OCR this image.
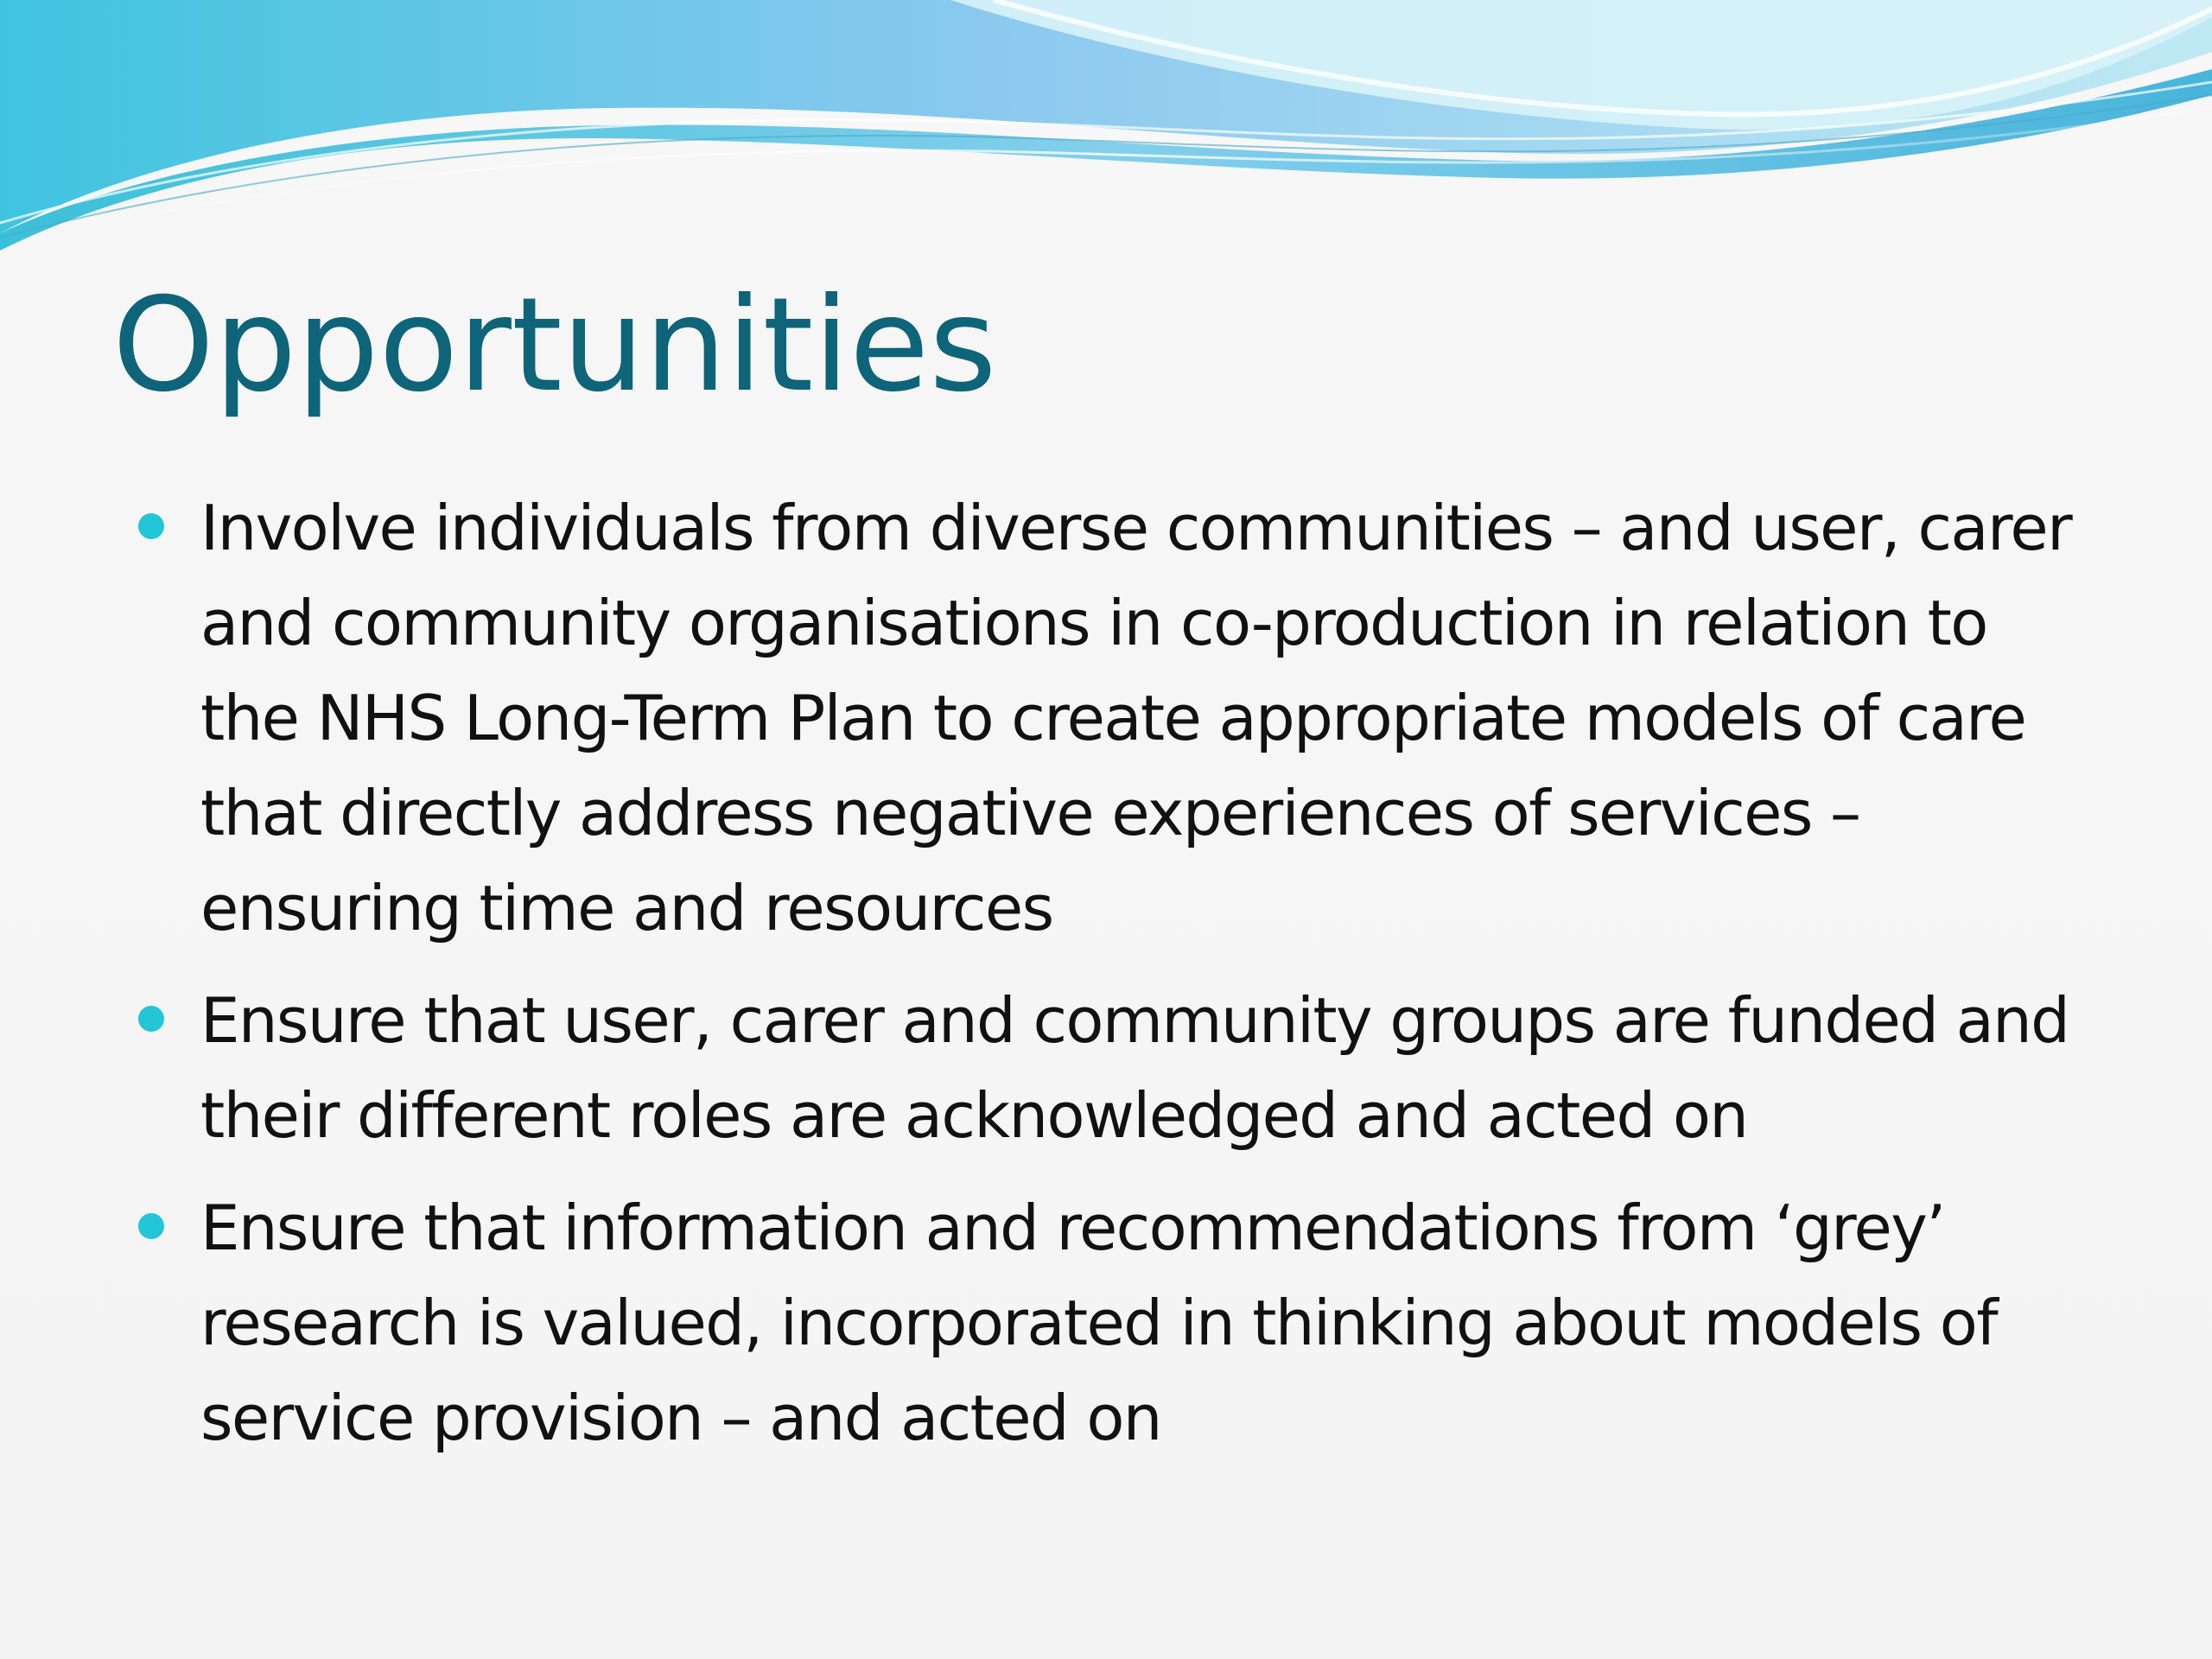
Opportunities
Involve individuals from diverse communities – and user, carer and community organisations in co-production in relation to the NHS Long-Term Plan to create appropriate models of care that directly address negative experiences of services – ensuring time and resources
Ensure that user, carer and community groups are funded and their different roles are acknowledged and acted on
Ensure that information and recommendations from ‘grey’ research is valued, incorporated in thinking about models of service provision – and acted on
